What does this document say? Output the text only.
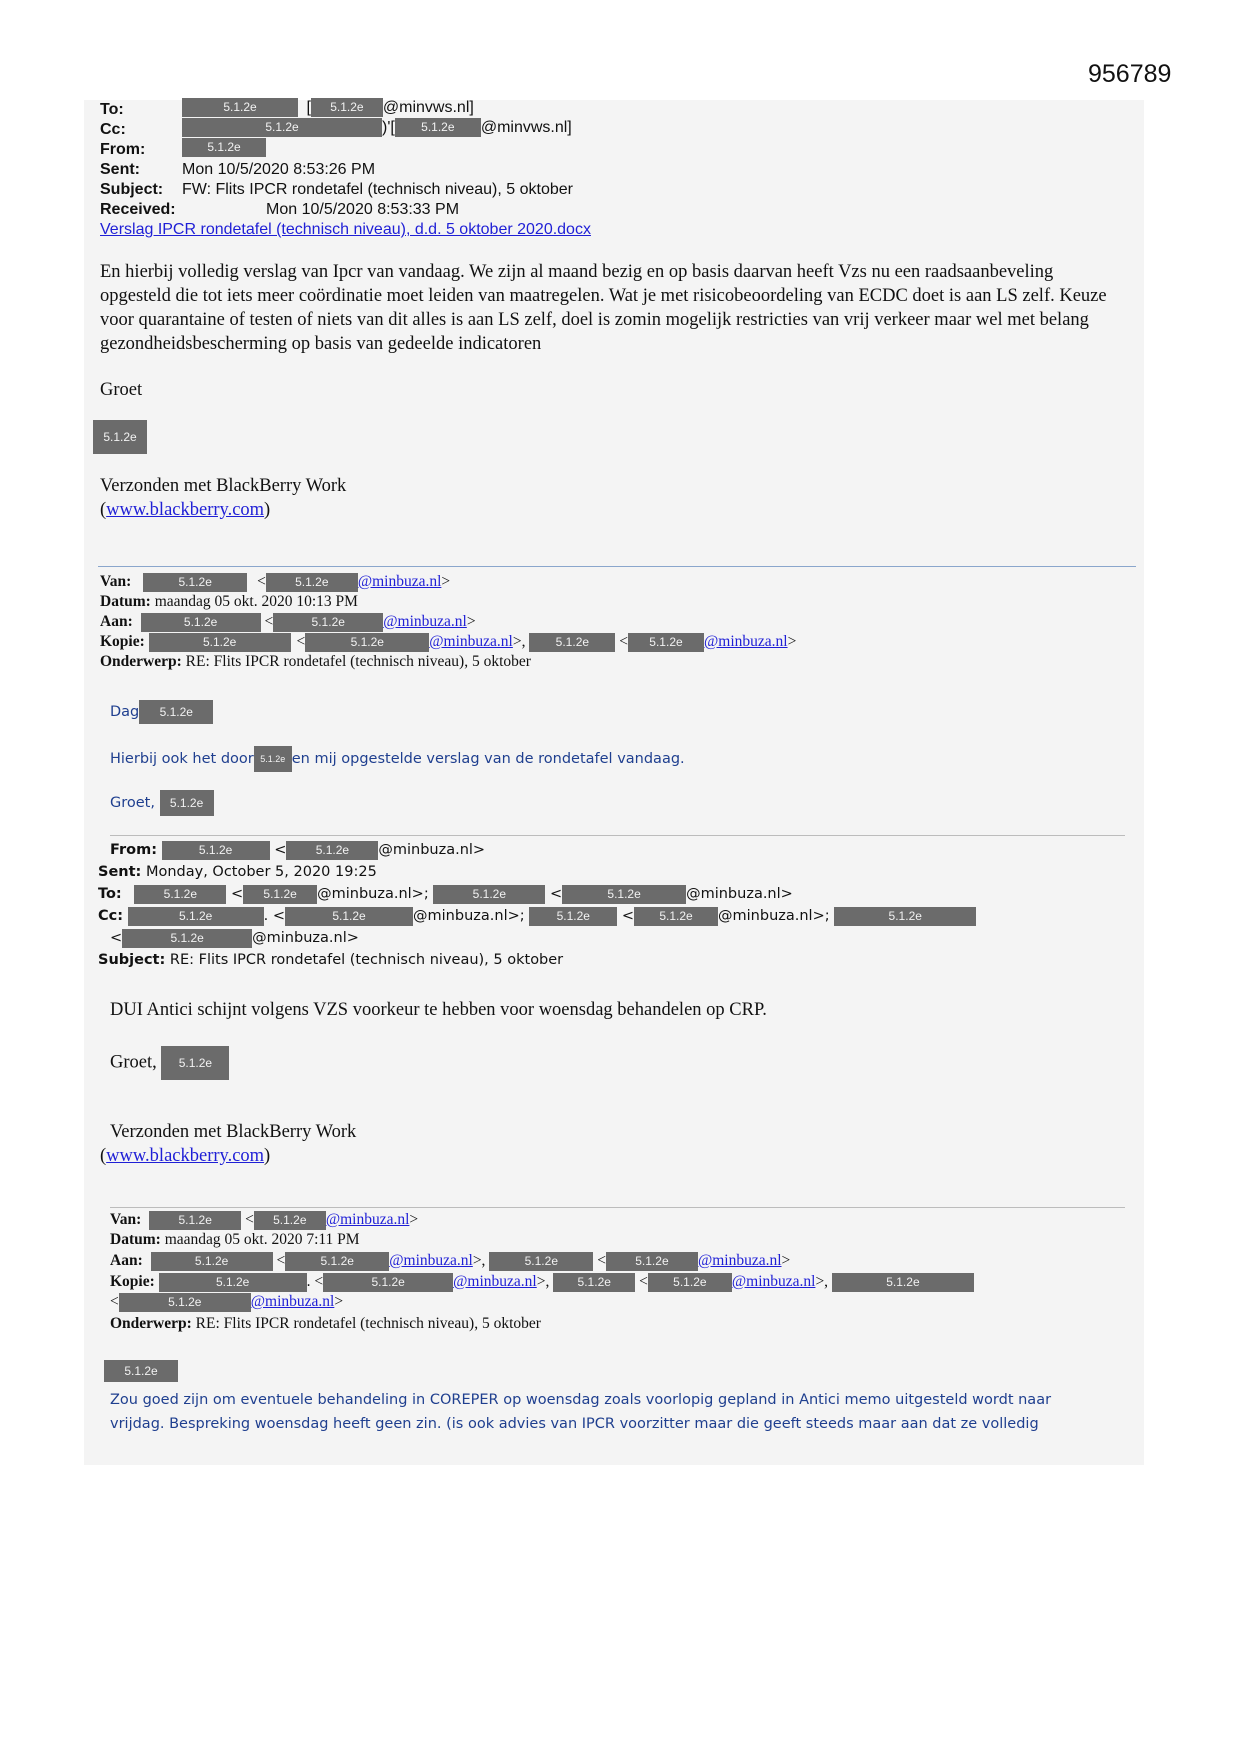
956789
To:	5.1.2e	[ 5.1.2e @minvws.nl]
Cc:	5.1.2e	)'[ 5.1.2e @minvws.nl]
From:	5.1.2e
Sent:	Mon 10/5/2020 8:53:26 PM
Subject: FW: Flits IPCR rondetafel (technisch niveau), 5 oktober
Received:	Mon 10/5/2020 8:53:33 PM
Verslag IPCR rondetafel (technisch niveau), d.d. 5 oktober 2020.docx
En hierbij volledig verslag van Ipcr van vandaag. We zijn al maand bezig en op basis daarvan heeft Vzs nu een raadsaanbeveling opgesteld die tot iets meer coördinatie moet leiden van maatregelen. Wat je met risicobeoordeling van ECDC doet is aan LS zelf. Keuze voor quarantaine of testen of niets van dit alles is aan LS zelf, doel is zomin mogelijk restricties van vrij verkeer maar wel met belang gezondheidsbescherming op basis van gedeelde indicatoren
Groet
5.1.2e
Verzonden met BlackBerry Work
(www.blackberry.com)
Van:	5.1.2e	< 5.1.2e @minbuza.nl>
Datum: maandag 05 okt. 2020 10:13 PM
Aan:	5.1.2e	<	5.1.2e @minbuza.nl>
Kopie:	5.1.2e	<	5.1.2e	@minbuza.nl>, 5.1.2e < 5.1.2e @minbuza.nl>
Onderwerp: RE: Flits IPCR rondetafel (technisch niveau), 5 oktober
Dag 5.1.2e
Hierbij ook het door 5.1.2e en mij opgestelde verslag van de rondetafel vandaag.
Groet, 5.1.2e
From:	5.1.2e	< 5.1.2e @minbuza.nl>
Sent: Monday, October 5, 2020 19:25
To:	5.1.2e < 5.1.2e @minbuza.nl>;	5.1.2e	<	5.1.2e	@minbuza.nl>
Cc:	5.1.2e	. <	5.1.2e	@minbuza.nl>;	5.1.2e < 5.1.2e @minbuza.nl>;	5.1.2e
<	5.1.2e	@minbuza.nl>
Subject: RE: Flits IPCR rondetafel (technisch niveau), 5 oktober
DUI Antici schijnt volgens VZS voorkeur te hebben voor woensdag behandelen op CRP.
Groet, 5.1.2e
Verzonden met BlackBerry Work
(www.blackberry.com)
Van:	5.1.2e < 5.1.2e @minbuza.nl>
Datum: maandag 05 okt. 2020 7:11 PM
Aan:	5.1.2e	<	5.1.2e @minbuza.nl>,	5.1.2e	< 5.1.2e @minbuza.nl>
Kopie:	5.1.2e	. <	5.1.2e	@minbuza.nl>, 5.1.2e < 5.1.2e @minbuza.nl>,	5.1.2e
<	5.1.2e	@minbuza.nl>
Onderwerp: RE: Flits IPCR rondetafel (technisch niveau), 5 oktober
5.1.2e
Zou goed zijn om eventuele behandeling in COREPER op woensdag zoals voorlopig gepland in Antici memo uitgesteld wordt naar
vrijdag. Bespreking woensdag heeft geen zin. (is ook advies van IPCR voorzitter maar die geeft steeds maar aan dat ze volledig
